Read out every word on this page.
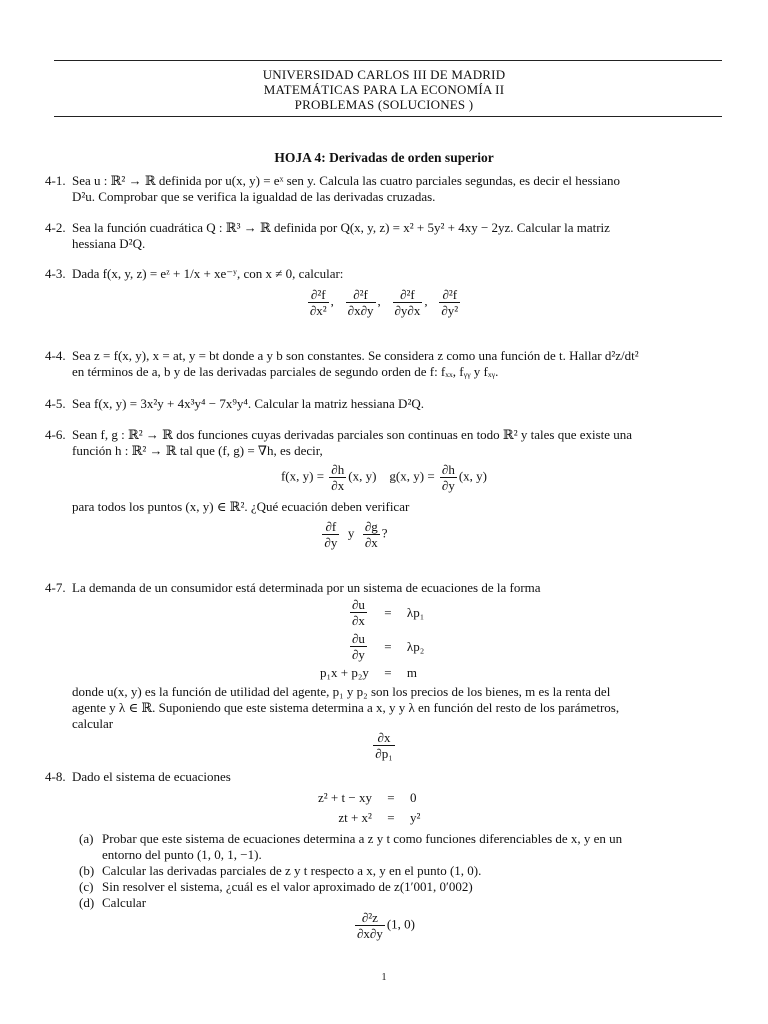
UNIVERSIDAD CARLOS III DE MADRID
MATEMÁTICAS PARA LA ECONOMÍA II
PROBLEMAS (SOLUCIONES )
HOJA 4: Derivadas de orden superior
4-1. Sea u : ℝ² → ℝ definida por u(x, y) = eˣ sen y. Calcula las cuatro parciales segundas, es decir el hessiano
D²u. Comprobar que se verifica la igualdad de las derivadas cruzadas.
4-2. Sea la función cuadrática Q : ℝ³ → ℝ definida por Q(x, y, z) = x² + 5y² + 4xy − 2yz. Calcular la matriz
hessiana D²Q.
4-3. Dada f(x, y, z) = eᶻ + 1/x + xe⁻ʸ, con x ≠ 0, calcular:
$\frac{\text{∂²f}}{\text{∂x²}}$ , $\frac{\text{∂²f}}{\partial x\partial y}$ , $\frac{\text{∂²f}}{\partial y\partial x}$ , $\frac{\text{∂²f}}{\text{∂y²}}$
4-4. Sea z = f(x, y), x = at, y = bt donde a y b son constantes. Se considera z como una función de t. Hallar d²z/dt²
en términos de a, b y de las derivadas parciales de segundo orden de f: fₓₓ, fᵧᵧ y fₓᵧ.
4-5. Sea f(x, y) = 3x²y + 4x³y⁴ − 7x⁹y⁴. Calcular la matriz hessiana D²Q.
4-6. Sean f, g : ℝ² → ℝ dos funciones cuyas derivadas parciales son continuas en todo ℝ² y tales que existe una
función h : ℝ² → ℝ tal que (f, g) = ∇h, es decir,
f(x, $y) = \frac{\partial h}{\partial x} (x$, y) g(x, $y) = \frac{\partial h}{\partial y} (x$, y)
para todos los puntos (x, y) ∈ ℝ². ¿Qué ecuación deben verificar
$\frac{\partial f}{\partial y}$ y $\frac{\partial g}{\partial x}$ ?
4-7. La demanda de un consumidor está determinada por un sistema de ecuaciones de la forma
$\frac{\partial u}{\partial x}$	=	λp₁
$\frac{\partial u}{\partial y}$	=	λp₂
p₁x + p₂y	=	m
donde u(x, y) es la función de utilidad del agente, p₁ y p₂ son los precios de los bienes, m es la renta del
agente y λ ∈ ℝ. Suponiendo que este sistema determina a x, y y λ en función del resto de los parámetros,
calcular
$\frac{\partial x}{\text{∂p₁}}$
4-8. Dado el sistema de ecuaciones
z² + t − xy	=	0
zt + x²	=	y²
(a) Probar que este sistema de ecuaciones determina a z y t como funciones diferenciables de x, y en un
entorno del punto (1, 0, 1, −1).
(b) Calcular las derivadas parciales de z y t respecto a x, y en el punto (1, 0).
(c) Sin resolver el sistema, ¿cuál es el valor aproximado de z(1′001, 0′002)
(d) Calcular
$\frac{\text{∂²z}}{\partial x\partial y} (1$, 0)
1
